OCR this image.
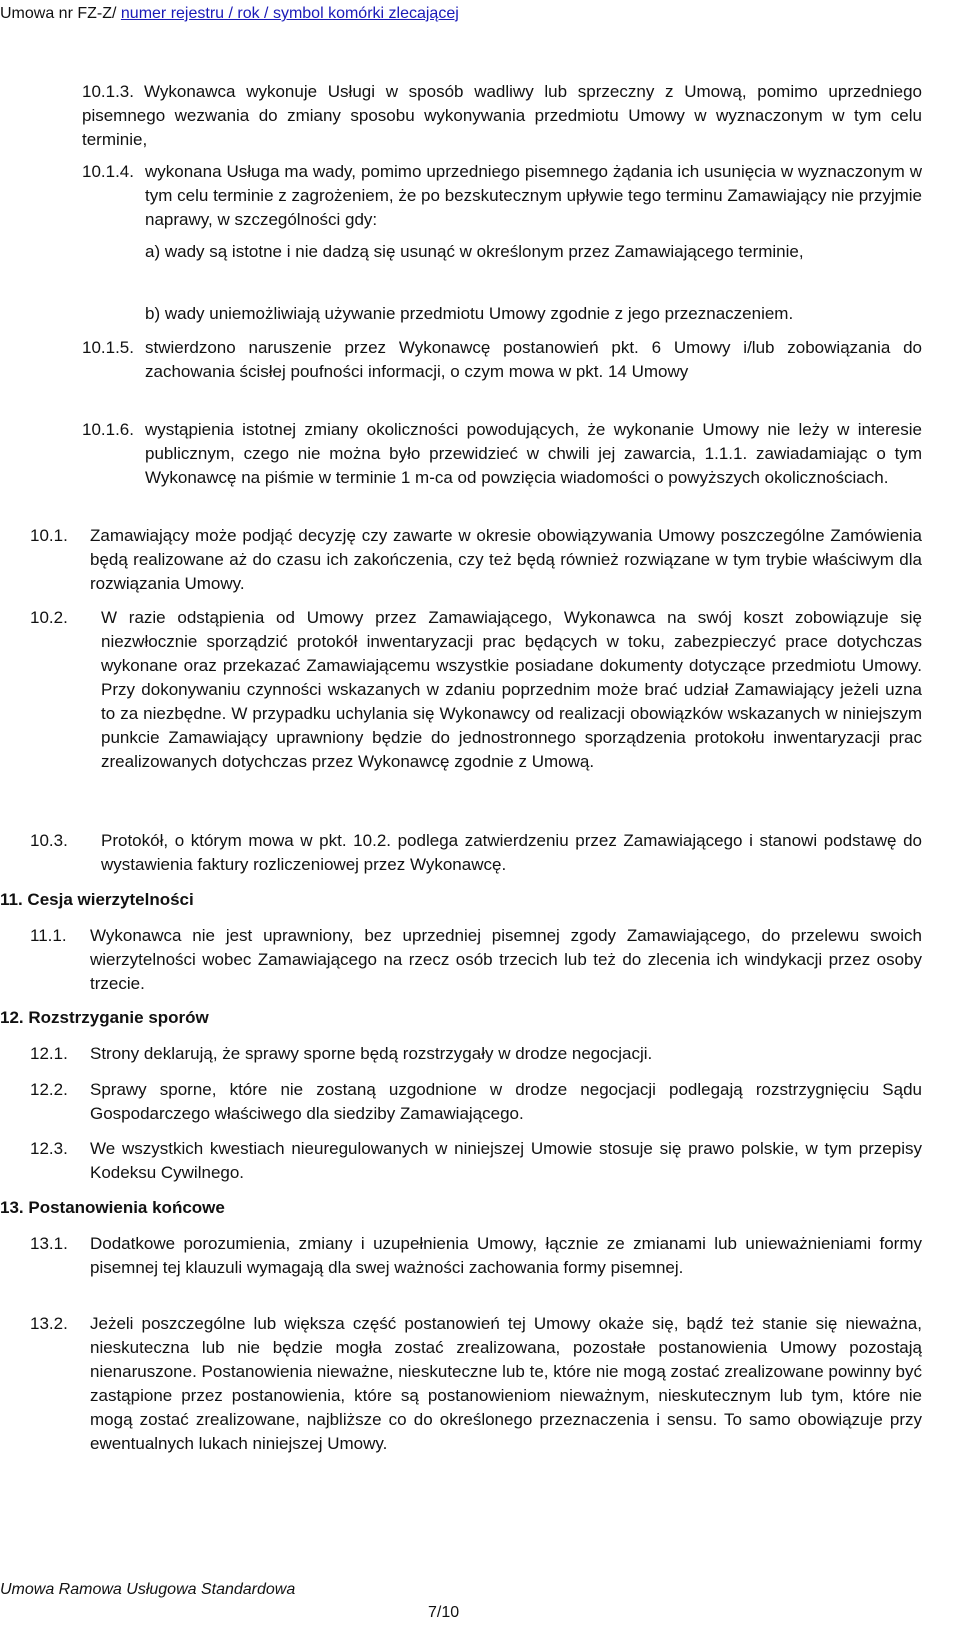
Umowa nr FZ-Z/ numer rejestru / rok / symbol komórki zlecającej
10.1.3. Wykonawca wykonuje Usługi w sposób wadliwy lub sprzeczny z Umową, pomimo uprzedniego pisemnego wezwania do zmiany sposobu wykonywania przedmiotu Umowy w wyznaczonym w tym celu terminie,
10.1.4. wykonana Usługa ma wady, pomimo uprzedniego pisemnego żądania ich usunięcia w wyznaczonym w tym celu terminie z zagrożeniem, że po bezskutecznym upływie tego terminu Zamawiający nie przyjmie naprawy, w szczególności gdy:
a) wady są istotne i nie dadzą się usunąć w określonym przez Zamawiającego terminie,
b) wady uniemożliwiają używanie przedmiotu Umowy zgodnie z jego przeznaczeniem.
10.1.5. stwierdzono naruszenie przez Wykonawcę postanowień pkt. 6 Umowy i/lub zobowiązania do zachowania ścisłej poufności informacji, o czym mowa w pkt. 14 Umowy
10.1.6. wystąpienia istotnej zmiany okoliczności powodujących, że wykonanie Umowy nie leży w interesie publicznym, czego nie można było przewidzieć w chwili jej zawarcia, 1.1.1. zawiadamiając o tym Wykonawcę na piśmie w terminie 1 m-ca od powzięcia wiadomości o powyższych okolicznościach.
10.1.	Zamawiający może podjąć decyzję czy zawarte w okresie obowiązywania Umowy poszczególne Zamówienia będą realizowane aż do czasu ich zakończenia, czy też będą również rozwiązane w tym trybie właściwym dla rozwiązania Umowy.
10.2.	W razie odstąpienia od Umowy przez Zamawiającego, Wykonawca na swój koszt zobowiązuje się niezwłocznie sporządzić protokół inwentaryzacji prac będących w toku, zabezpieczyć prace dotychczas wykonane oraz przekazać Zamawiającemu wszystkie posiadane dokumenty dotyczące przedmiotu Umowy. Przy dokonywaniu czynności wskazanych w zdaniu poprzednim może brać udział Zamawiający jeżeli uzna to za niezbędne. W przypadku uchylania się Wykonawcy od realizacji obowiązków wskazanych w niniejszym punkcie Zamawiający uprawniony będzie do jednostronnego sporządzenia protokołu inwentaryzacji prac zrealizowanych dotychczas przez Wykonawcę zgodnie z Umową.
10.3.	Protokół, o którym mowa w pkt. 10.2. podlega zatwierdzeniu przez Zamawiającego i stanowi podstawę do wystawienia faktury rozliczeniowej przez Wykonawcę.
11. Cesja wierzytelności
11.1.	Wykonawca nie jest uprawniony, bez uprzedniej pisemnej zgody Zamawiającego, do przelewu swoich wierzytelności wobec Zamawiającego na rzecz osób trzecich lub też do zlecenia ich windykacji przez osoby trzecie.
12. Rozstrzyganie sporów
12.1.	Strony deklarują, że sprawy sporne będą rozstrzygały w drodze negocjacji.
12.2.	Sprawy sporne, które nie zostaną uzgodnione w drodze negocjacji podlegają rozstrzygnięciu Sądu Gospodarczego właściwego dla siedziby Zamawiającego.
12.3.	We wszystkich kwestiach nieuregulowanych w niniejszej Umowie stosuje się prawo polskie, w tym przepisy Kodeksu Cywilnego.
13. Postanowienia końcowe
13.1.	Dodatkowe porozumienia, zmiany i uzupełnienia Umowy, łącznie ze zmianami lub unieważnieniami formy pisemnej tej klauzuli wymagają dla swej ważności zachowania formy pisemnej.
13.2.	Jeżeli poszczególne lub większa część postanowień tej Umowy okaże się, bądź też stanie się nieważna, nieskuteczna lub nie będzie mogła zostać zrealizowana, pozostałe postanowienia Umowy pozostają nienaruszone. Postanowienia nieważne, nieskuteczne lub te, które nie mogą zostać zrealizowane powinny być zastąpione przez postanowienia, które są postanowieniom nieważnym, nieskutecznym lub tym, które nie mogą zostać zrealizowane, najbliższe co do określonego przeznaczenia i sensu. To samo obowiązuje przy ewentualnych lukach niniejszej Umowy.
Umowa Ramowa Usługowa Standardowa
7/10
